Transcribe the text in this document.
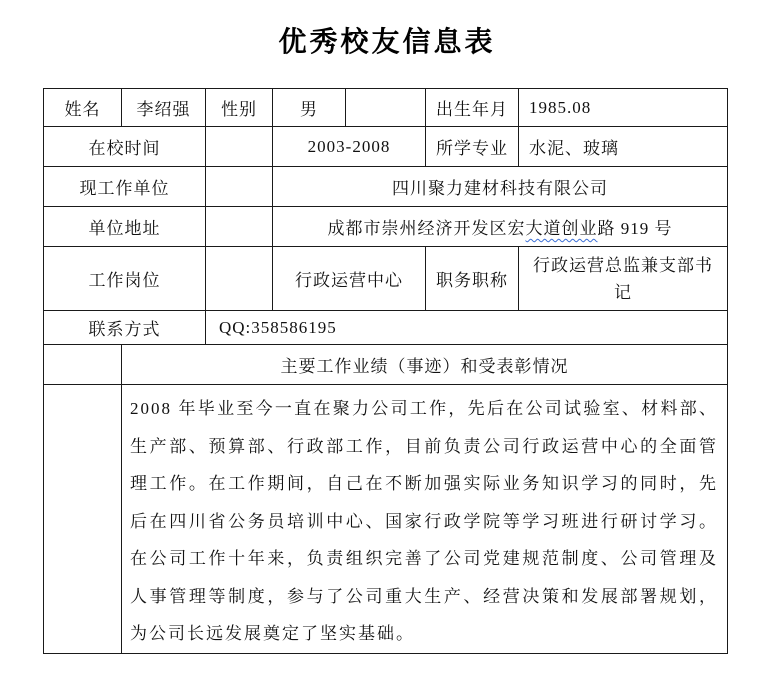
优秀校友信息表
姓名	李绍强	性别	男		出生年月	1985.08
在校时间			2003-2008		所学专业	水泥、玻璃
现工作单位			四川聚力建材科技有限公司			
单位地址			成都市崇州经济开发区宏大道创业路 919 号			
工作岗位			行政运营中心		职务职称	行政运营总监兼支部书记
联系方式		QQ:358586195				
	主要工作业绩（事迹）和受表彰情况					
	2008 年毕业至今一直在聚力公司工作，先后在公司试验室、材料部、生产部、预算部、行政部工作，目前负责公司行政运营中心的全面管理工作。在工作期间，自己在不断加强实际业务知识学习的同时，先后在四川省公务员培训中心、国家行政学院等学习班进行研讨学习。在公司工作十年来，负责组织完善了公司党建规范制度、公司管理及人事管理等制度，参与了公司重大生产、经营决策和发展部署规划，为公司长远发展奠定了坚实基础。					
